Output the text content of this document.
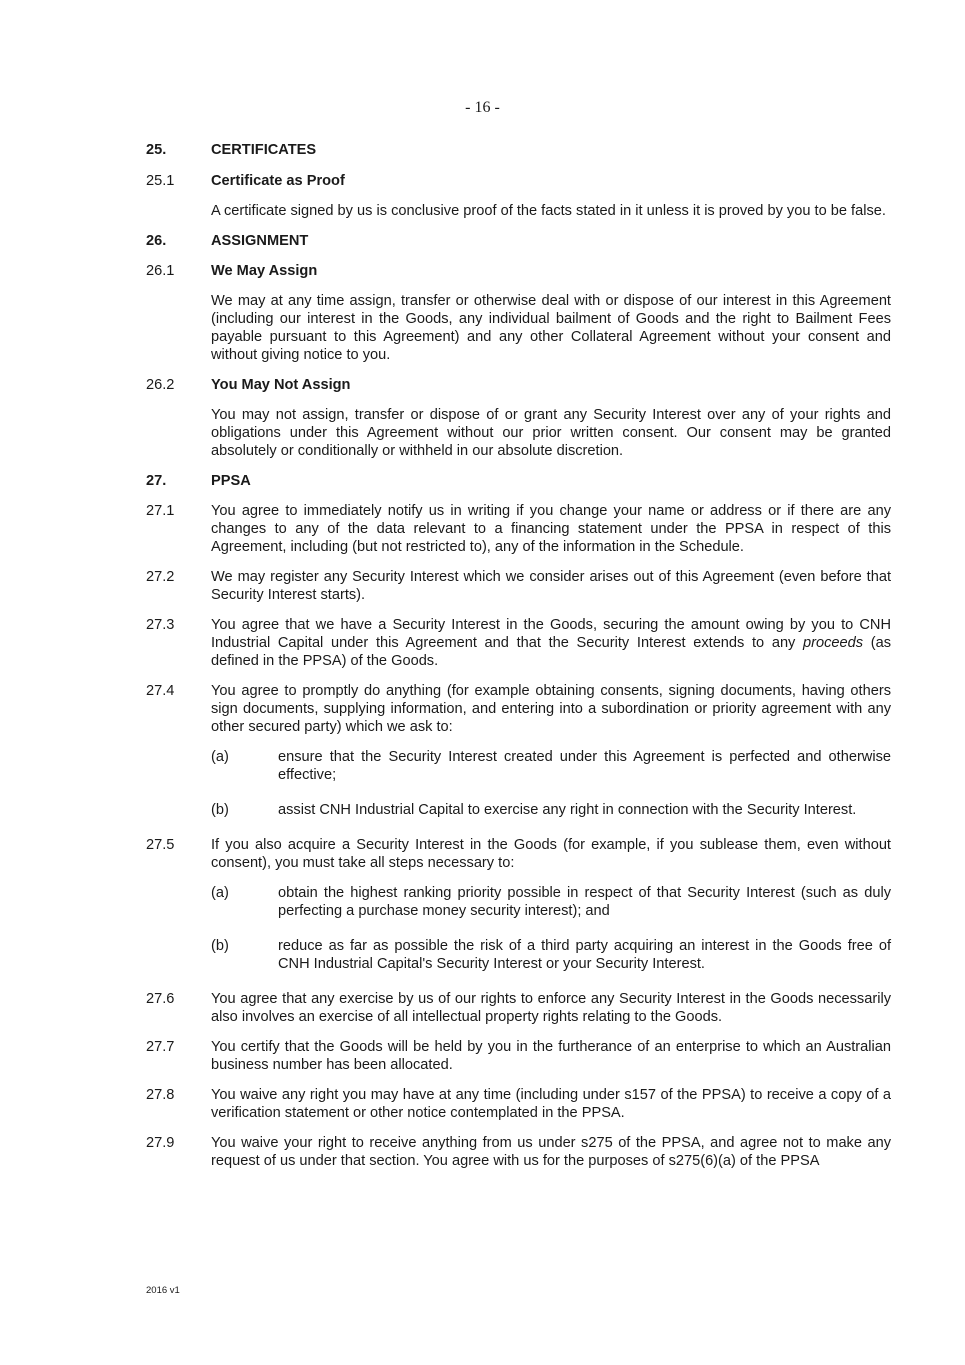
- 16 -
25.	CERTIFICATES
25.1	Certificate as Proof
A certificate signed by us is conclusive proof of the facts stated in it unless it is proved by you to be false.
26.	ASSIGNMENT
26.1	We May Assign
We may at any time assign, transfer or otherwise deal with or dispose of our interest in this Agreement (including our interest in the Goods, any individual bailment of Goods and the right to Bailment Fees payable pursuant to this Agreement) and any other Collateral Agreement without your consent and without giving notice to you.
26.2	You May Not Assign
You may not assign, transfer or dispose of or grant any Security Interest over any of your rights and obligations under this Agreement without our prior written consent. Our consent may be granted absolutely or conditionally or withheld in our absolute discretion.
27.	PPSA
27.1	You agree to immediately notify us in writing if you change your name or address or if there are any changes to any of the data relevant to a financing statement under the PPSA in respect of this Agreement, including (but not restricted to), any of the information in the Schedule.
27.2	We may register any Security Interest which we consider arises out of this Agreement (even before that Security Interest starts).
27.3	You agree that we have a Security Interest in the Goods, securing the amount owing by you to CNH Industrial Capital under this Agreement and that the Security Interest extends to any proceeds (as defined in the PPSA) of the Goods.
27.4	You agree to promptly do anything (for example obtaining consents, signing documents, having others sign documents, supplying information, and entering into a subordination or priority agreement with any other secured party) which we ask to:
(a)	ensure that the Security Interest created under this Agreement is perfected and otherwise effective;
(b)	assist CNH Industrial Capital to exercise any right in connection with the Security Interest.
27.5	If you also acquire a Security Interest in the Goods (for example, if you sublease them, even without consent), you must take all steps necessary to:
(a)	obtain the highest ranking priority possible in respect of that Security Interest (such as duly perfecting a purchase money security interest); and
(b)	reduce as far as possible the risk of a third party acquiring an interest in the Goods free of CNH Industrial Capital's Security Interest or your Security Interest.
27.6	You agree that any exercise by us of our rights to enforce any Security Interest in the Goods necessarily also involves an exercise of all intellectual property rights relating to the Goods.
27.7	You certify that the Goods will be held by you in the furtherance of an enterprise to which an Australian business number has been allocated.
27.8	You waive any right you may have at any time (including under s157 of the PPSA) to receive a copy of a verification statement or other notice contemplated in the PPSA.
27.9	You waive your right to receive anything from us under s275 of the PPSA, and agree not to make any request of us under that section. You agree with us for the purposes of s275(6)(a) of the PPSA
2016 v1
